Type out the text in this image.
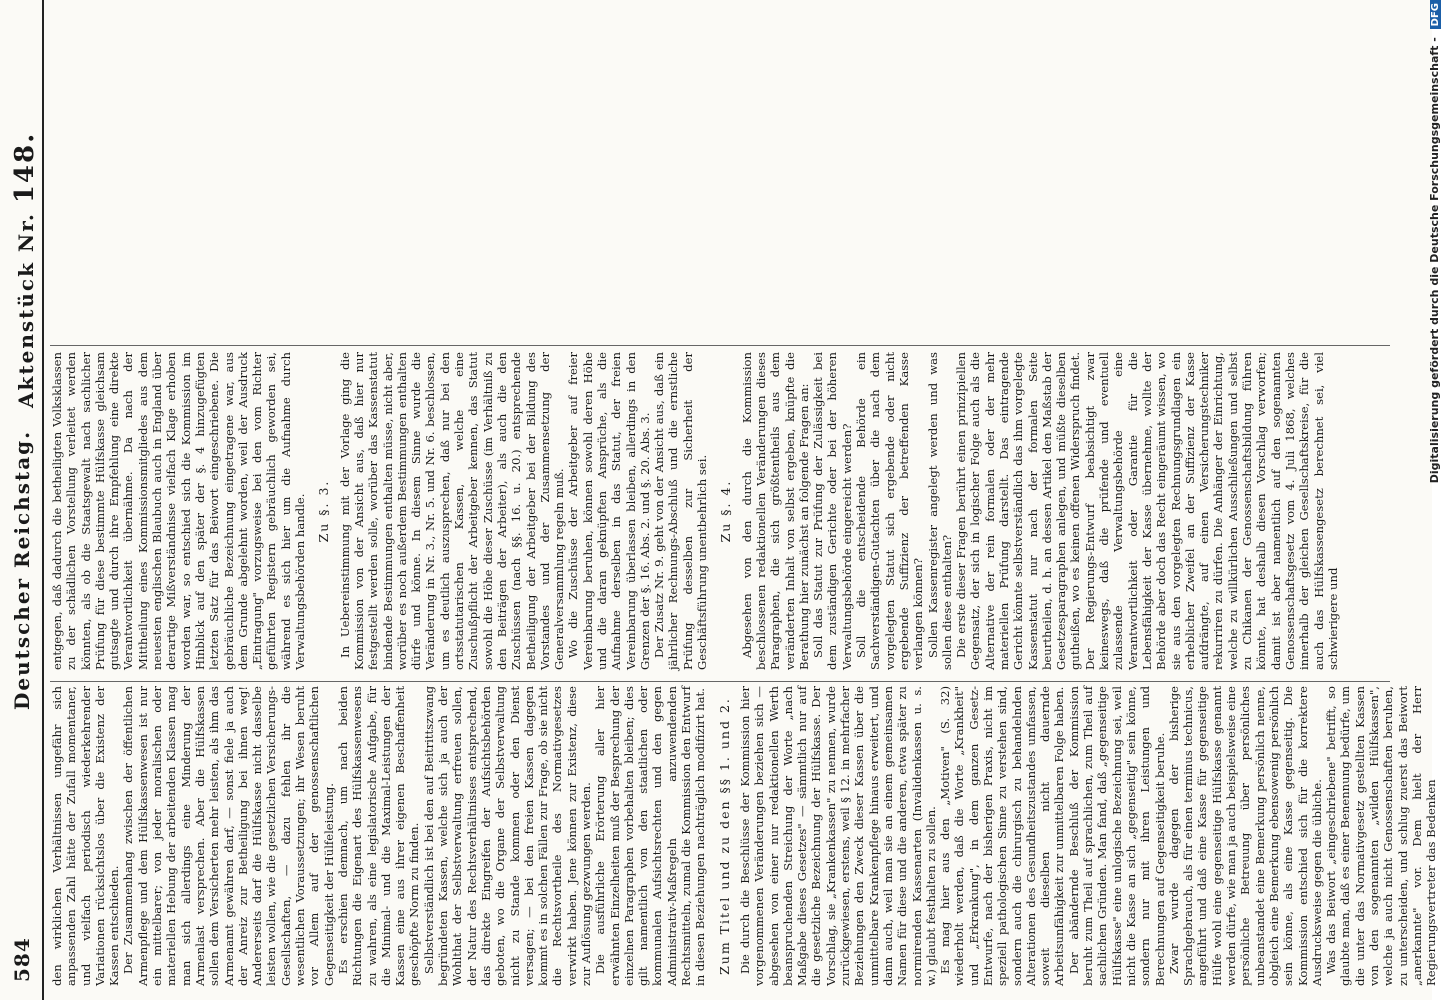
584
Deutscher Reichstag.
Aktenstück Nr. 148.

den wirklichen Verhältnissen ungefähr sich anpassenden Zahl hätte der Zufall momentaner, und vielfach periodisch wiederkehrender Variationen rücksichtslos über die Existenz der Kassen entschieden. Der Zusammenhang zwischen der öffentlichen Armenpflege und dem Hülfskassenwesen ist nur ein mittelbarer; von jeder moralischen oder materiellen Hebung der arbeitenden Klassen mag man sich allerdings eine Minderung der Armenlast versprechen. Aber die Hülfskassen sollen dem Versicherten mehr leisten, als ihm das Armenamt gewähren darf, — sonst fiele ja auch der Anreiz zur Betheiligung bei ihnen weg! Andererseits darf die Hülfskasse nicht dasselbe leisten wollen, wie die gesetzlichen Versicherungs-Gesellschaften, — dazu fehlen ihr die wesentlichen Voraussetzungen; ihr Wesen beruht vor Allem auf der genossenschaftlichen Gegenseitigkeit der Hülfeleistung. Es erschien demnach, um nach beiden Richtungen die Eigenart des Hülfskassenwesens zu wahren, als eine legislatorische Aufgabe, für die Minimal- und die Maximal-Leistungen der Kassen eine aus ihrer eigenen Beschaffenheit geschöpfte Norm zu finden. Selbstverständlich ist bei den auf Beitrittszwang begründeten Kassen, welche sich ja auch der Wohlthat der Selbstverwaltung erfreuen sollen, der Natur des Rechtsverhältnisses entsprechend, das direkte Eingreifen der Aufsichtsbehörden geboten, wo die Organe der Selbstverwaltung nicht zu Stande kommen oder den Dienst versagen; — bei den freien Kassen dagegen kommt es in solchen Fällen zur Frage, ob sie nicht die Rechtsvortheile des Normativgesetzes verwirkt haben. Jene können zur Existenz, diese zur Auflösung gezwungen werden. Die ausführliche Erörterung aller hier erwähnten Einzelheiten muß der Besprechung der einzelnen Paragraphen vorbehalten bleiben; dies gilt namentlich von den staatlichen oder kommunalen Aufsichtsrechten und den gegen Administrativ-Maßregeln anzuwendenden Rechtsmitteln, zumal die Kommission den Entwurf in diesen Beziehungen nachträglich modifizirt hat. Zum Titel und zu den §§ 1. und 2. Die durch die Beschlüsse der Kommission hier vorgenommenen Veränderungen beziehen sich — abgesehen von einer nur redaktionellen Werth beanspruchenden Streichung der Worte „nach Maßgabe dieses Gesetzes" — sämmtlich nur auf die gesetzliche Bezeichnung der Hülfskasse. Der Vorschlag, sie „Krankenkassen" zu nennen, wurde zurückgewiesen, erstens, weil § 12. in mehrfacher Beziehungen den Zweck dieser Kassen über die unmittelbare Krankenpflege hinaus erweitert, und dann auch, weil man sie an einem gemeinsamen Namen für diese und die anderen, etwa später zu normirenden Kassenarten (Invalidenkassen u. s. w.) glaubt festhalten zu sollen. Es mag hier aus den „Motiven" (S. 32) wiederholt werden, daß die Worte „Krankheit" und „Erkrankung", in dem ganzen Gesetz-Entwurfe, nach der bisherigen Praxis, nicht im speziell pathologischen Sinne zu verstehen sind, sondern auch die chirurgisch zu behandelnden Alterationen des Gesundheitszustandes umfassen, soweit dieselben nicht dauernde Arbeitsunfähigkeit zur unmittelbaren Folge haben. Der abändernde Beschluß der Kommission beruht zum Theil auf sprachlichen, zum Theil auf sachlichen Gründen. Man fand, daß „gegenseitige Hülfskasse" eine unlogische Bezeichnung sei, weil nicht die Kasse an sich „gegenseitig" sein könne, sondern nur mit ihren Leistungen und Berechnungen auf Gegenseitigkeit beruhe. Zwar wurde dagegen der bisherige Sprachgebrauch, als für einen terminus technicus, angeführt und daß eine Kasse für gegenseitige Hülfe wohl eine gegenseitige Hülfskasse genannt werden dürfe, wie man ja auch beispielsweise eine persönliche Betreuung über persönliches unbeanstandet eine Bemerkung persönlich nenne, obgleich eine Bemerkung ebensowenig persönlich sein könne, als eine Kasse gegenseitig. Die Kommission entschied sich für die korrektere Ausdrucksweise gegen die übliche. Was das Beiwort „eingeschriebene" betrifft, so glaubte man, daß es einer Benennung bedürfe, um die unter das Normativgesetz gestellten Kassen von den sogenannten „wilden Hülfskassen", welche ja auch nicht Genossenschaften beruhen, zu unterscheiden, und schlug zuerst das Beiwort „anerkannte" vor. Dem hielt der Herr Regierungsvertreter das Bedenken

entgegen, daß dadurch die betheiligten Volksklassen zu der schädlichen Vorstellung verleitet werden könnten, als ob die Staatsgewalt nach sachlicher Prüfung für diese bestimmte Hülfskasse gleichsam gutsagte und durch ihre Empfehlung eine direkte Verantwortlichkeit übernähme. Da nach der Mittheilung eines Kommissionsmitgliedes aus dem neuesten englischen Blaubuch auch in England über derartige Mißverständnisse vielfach Klage erhoben worden war, so entschied sich die Kommission im Hinblick auf den später der §. 4 hinzugefügten letzten Satz für das Beiwort eingeschriebene. Die gebräuchliche Bezeichnung eingetragene war, aus dem Grunde abgelehnt worden, weil der Ausdruck „Eintragung" vorzugsweise bei den vom Richter geführten Registern gebräuchlich geworden sei, während es sich hier um die Aufnahme durch Verwaltungsbehörden handle. Zu §. 3. In Uebereinstimmung mit der Vorlage ging die Kommission von der Ansicht aus, daß hier nur festgestellt werden solle, worüber das Kassenstatut bindende Bestimmungen enthalten müsse, nicht aber, worüber es noch außerdem Bestimmungen enthalten dürfe und könne. In diesem Sinne wurde die Veränderung in Nr. 3., Nr. 5. und Nr. 6. beschlossen, um es deutlich auszusprechen, daß nur bei den ortsstatutarischen Kassen, welche eine Zuschußpflicht der Arbeitgeber kennen, das Statut sowohl die Höhe dieser Zuschüsse (im Verhältniß zu den Beiträgen der Arbeiter), als auch die den Zuschüssen (nach §§. 16. u. 20.) entsprechende Betheiligung der Arbeitgeber bei der Bildung des Vorstandes und der Zusammensetzung der Generalversammlung regeln muß. Wo die Zuschüsse der Arbeitgeber auf freier Vereinbarung beruhen, können sowohl deren Höhe und die daran geknüpften Ansprüche, als die Aufnahme derselben in das Statut, der freien Vereinbarung überlassen bleiben, allerdings in den Grenzen der §. 16. Abs. 2. und §. 20. Abs. 3. Der Zusatz Nr. 9. geht von der Ansicht aus, daß ein jährlicher Rechnungs-Abschluß und die ernstliche Prüfung desselben zur Sicherheit der Geschäftsführung unentbehrlich sei. Zu §. 4. Abgesehen von den durch die Kommission beschlossenen redaktionellen Veränderungen dieses Paragraphen, die sich größtentheils aus dem veränderten Inhalt von selbst ergeben, knüpfte die Berathung hier zunächst an folgende Fragen an: Soll das Statut zur Prüfung der Zulässigkeit bei dem zuständigen Gerichte oder bei der höheren Verwaltungsbehörde eingereicht werden? Soll die entscheidende Behörde ein Sachverständigen-Gutachten über die nach dem vorgelegten Statut sich ergebende oder nicht ergebende Suffizienz der betreffenden Kasse verlangen können? Sollen Kassenregister angelegt werden und was sollen diese enthalten? Die erste dieser Fragen berührt einen prinzipiellen Gegensatz, der sich in logischer Folge auch als die Alternative der rein formalen oder der mehr materiellen Prüfung darstellt. Das eintragende Gericht könnte selbstverständlich das ihm vorgelegte Kassenstatut nur nach der formalen Seite beurtheilen, d. h. an dessen Artikel den Maßstab der Gesetzesparagraphen anlegen, und müßte dieselben gutheißen, wo es keinen offenen Widerspruch findet. Der Regierungs-Entwurf beabsichtigt zwar keineswegs, daß die prüfende und eventuell zulassende Verwaltungsbehörde eine Verantwortlichkeit oder Garantie für die Lebensfähigkeit der Kasse übernehme, wollte der Behörde aber doch das Recht eingeräumt wissen, wo sie aus den vorgelegten Rechnungsgrundlagen ein erheblicher Zweifel an der Suffizienz der Kasse aufdrängte, auf einen Versicherungstechniker rekurriren zu dürfen. Die Anhänger der Einrichtung, welche zu willkürlichen Ausschließungen und selbst zu Chikanen der Genossenschaftsbildung führen könnte, hat deshalb diesen Vorschlag verworfen; damit ist aber namentlich auf den sogenannten Genossenschaftsgesetz vom 4. Juli 1868, welches innerhalb der gleichen Gesellschaftskreise, für die auch das Hülfskassengesetz berechnet sei, viel schwierigere und

Digitalisierung gefördert durch die Deutsche Forschungsgemeinschaft - DFG
